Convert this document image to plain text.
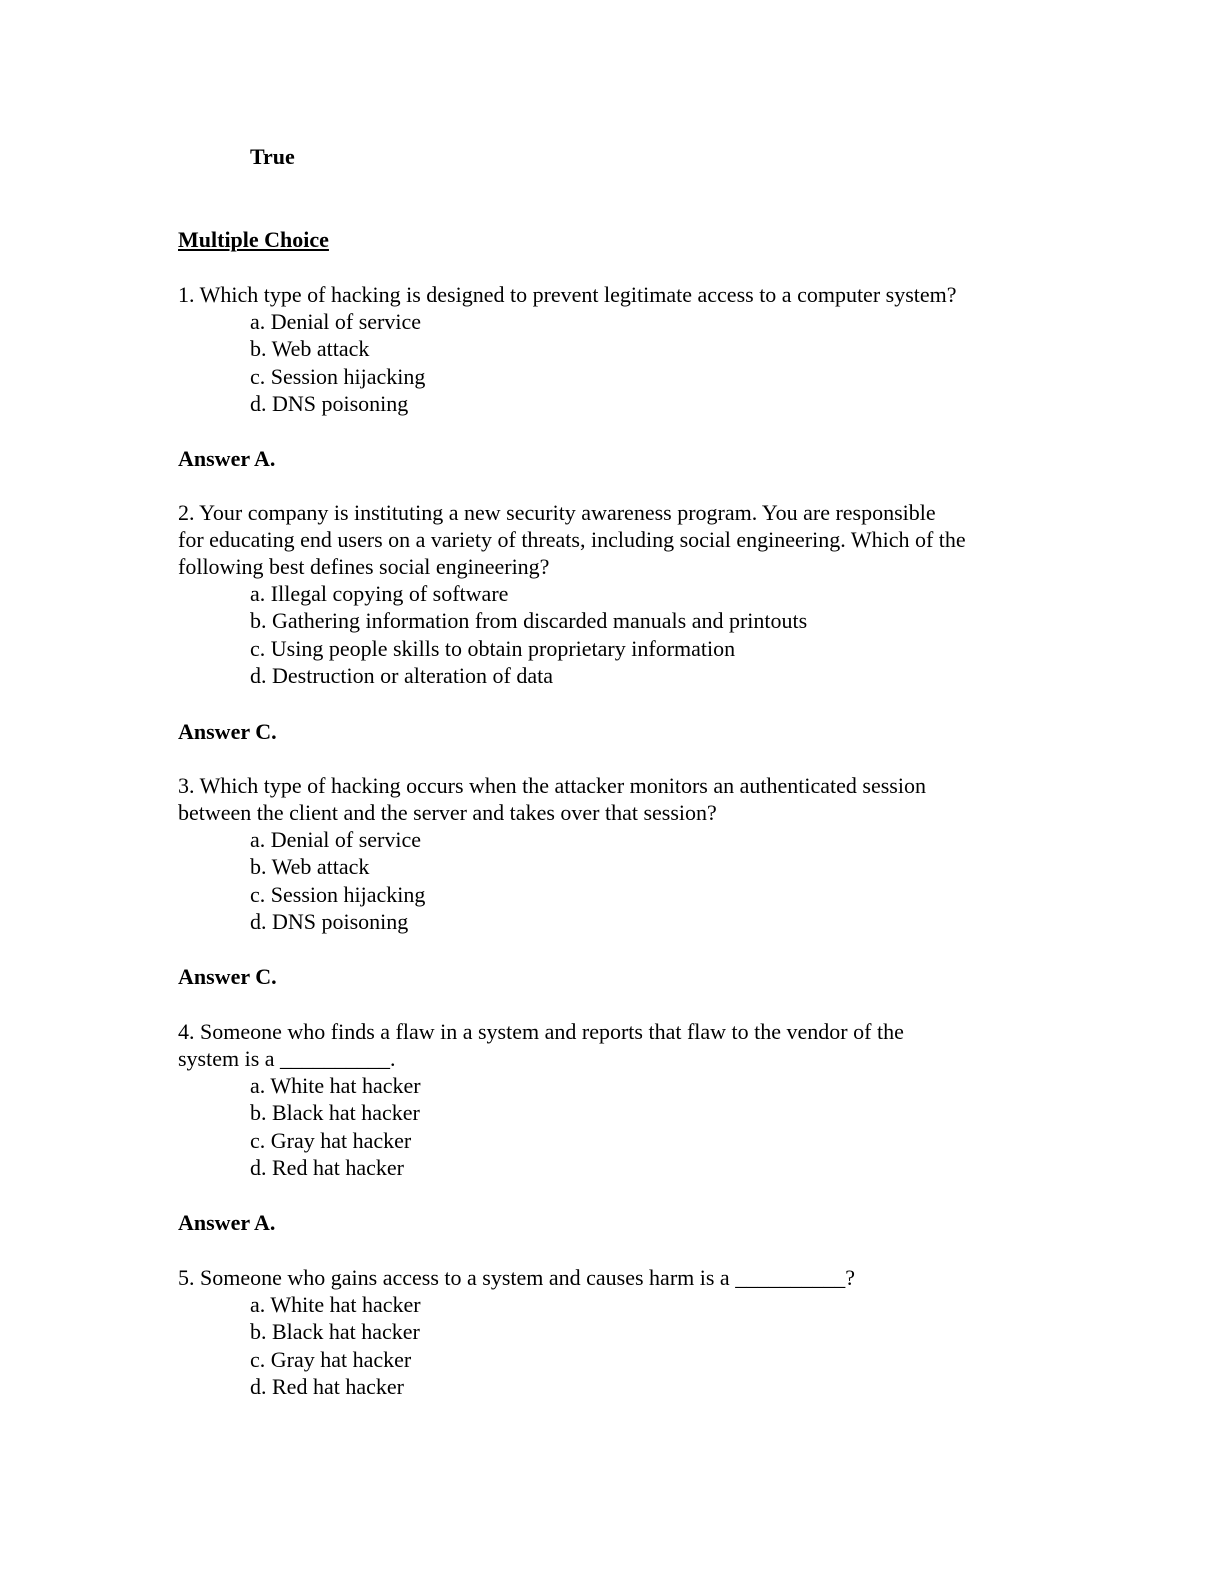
True
Multiple Choice
1. Which type of hacking is designed to prevent legitimate access to a computer system?
a. Denial of service
b. Web attack
c. Session hijacking
d. DNS poisoning
Answer A.
2. Your company is instituting a new security awareness program. You are responsible
for educating end users on a variety of threats, including social engineering. Which of the
following best defines social engineering?
a. Illegal copying of software
b. Gathering information from discarded manuals and printouts
c. Using people skills to obtain proprietary information
d. Destruction or alteration of data
Answer C.
3. Which type of hacking occurs when the attacker monitors an authenticated session
between the client and the server and takes over that session?
a. Denial of service
b. Web attack
c. Session hijacking
d. DNS poisoning
Answer C.
4. Someone who finds a flaw in a system and reports that flaw to the vendor of the
system is a __________.
a. White hat hacker
b. Black hat hacker
c. Gray hat hacker
d. Red hat hacker
Answer A.
5. Someone who gains access to a system and causes harm is a __________?
a. White hat hacker
b. Black hat hacker
c. Gray hat hacker
d. Red hat hacker
